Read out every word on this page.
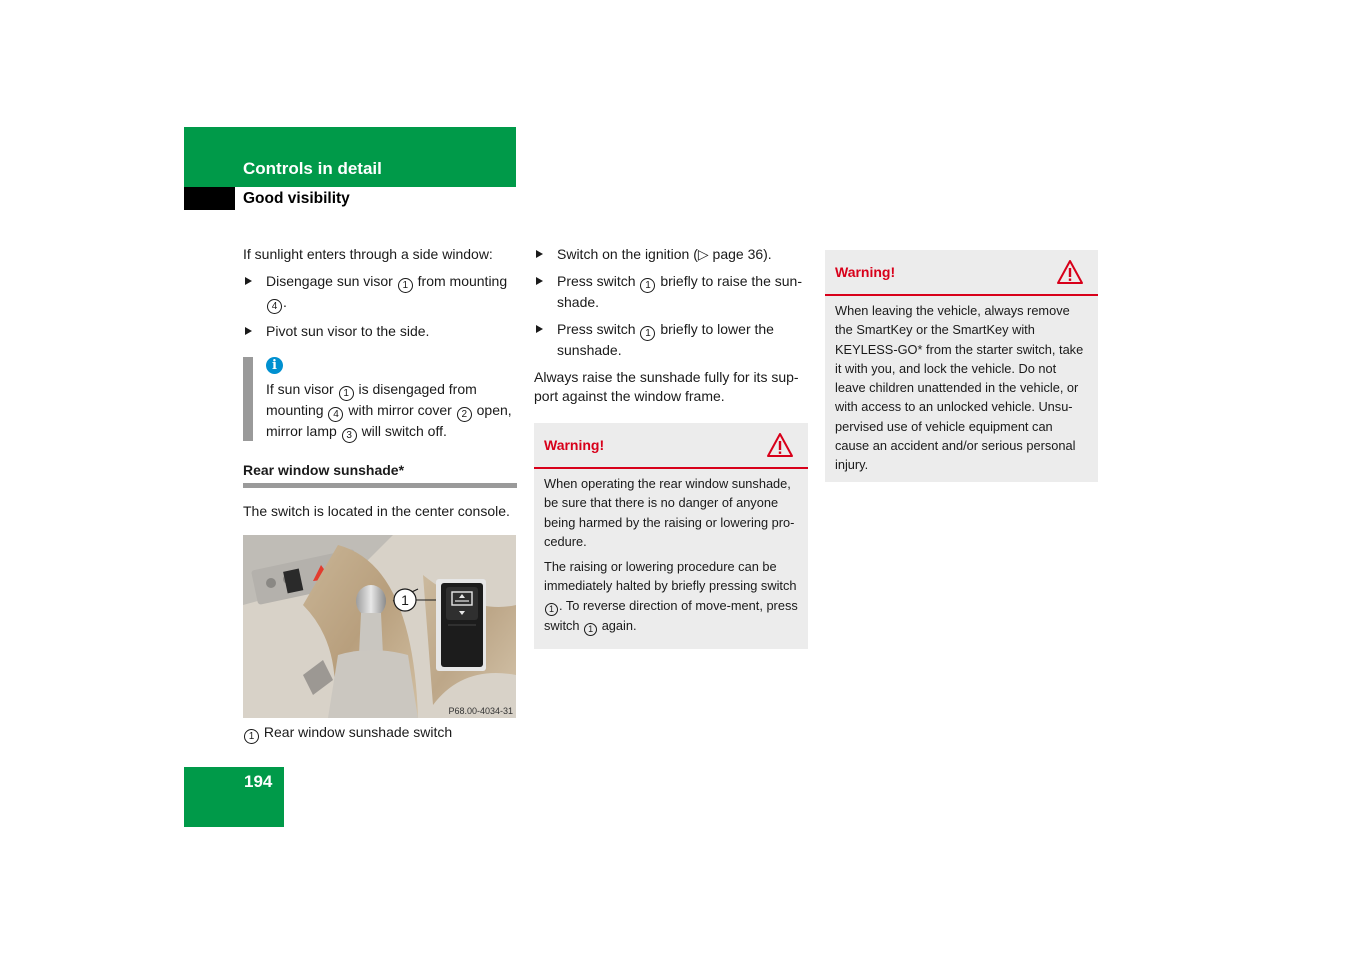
Controls in detail
Good visibility

If sunlight enters through a side window:

Disengage sun visor 1 from mounting 4 .
Pivot sun visor to the side.
i
If sun visor 1 is disengaged from mounting 4 with mirror cover 2 open, mirror lamp 3 will switch off.
Rear window sunshade*

The switch is located in the center console.

1
P68.00-4034-31
1 Rear window sunshade switch
Switch on the ignition (▷ page 36).
Press switch 1 briefly to raise the sun-shade.
Press switch 1 briefly to lower the sunshade.

Always raise the sunshade fully for its sup-port against the window frame.

Warning!

When operating the rear window sunshade, be sure that there is no danger of anyone being harmed by the raising or lowering pro-cedure.

The raising or lowering procedure can be immediately halted by briefly pressing switch 1 . To reverse direction of move-ment, press switch 1 again.

Warning!

When leaving the vehicle, always remove the SmartKey or the SmartKey with KEYLESS-GO* from the starter switch, take it with you, and lock the vehicle. Do not leave children unattended in the vehicle, or with access to an unlocked vehicle. Unsu-pervised use of vehicle equipment can cause an accident and/or serious personal injury.

194
